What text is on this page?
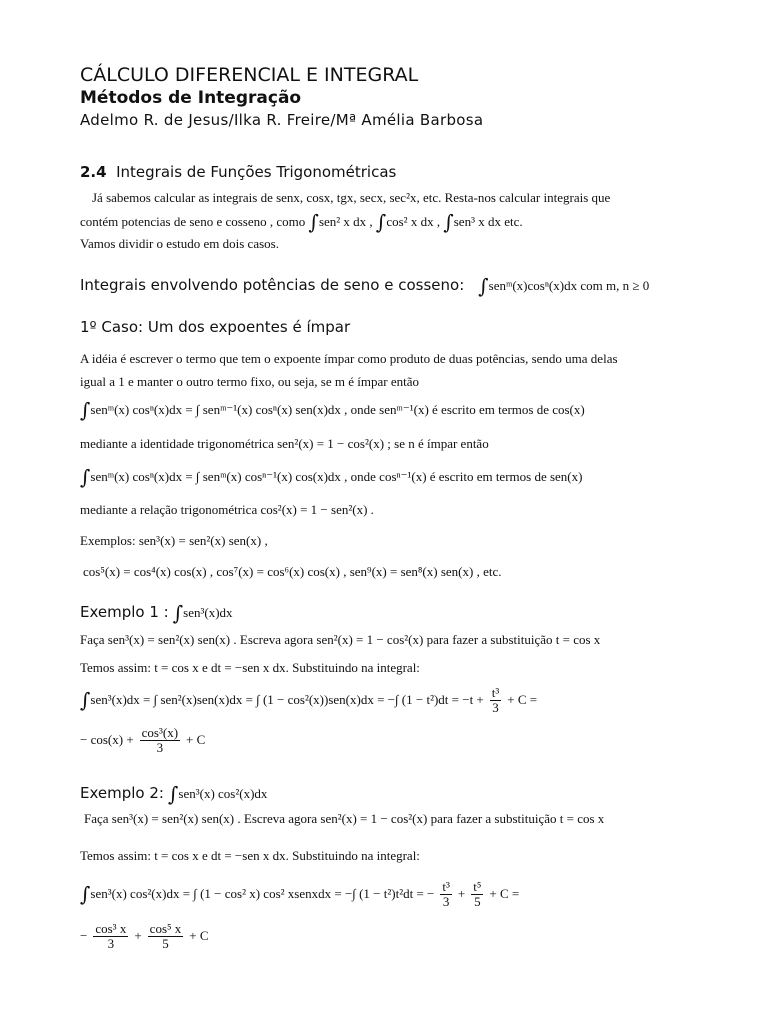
CÁLCULO DIFERENCIAL E INTEGRAL
Métodos de Integração
Adelmo R. de Jesus/Ilka R. Freire/Mª Amélia Barbosa
2.4 Integrais de Funções Trigonométricas
Já sabemos calcular as integrais de senx, cosx, tgx, secx, sec²x, etc. Resta-nos calcular integrais que
contém potencias de seno e cosseno , como ∫sen² x dx , ∫cos² x dx , ∫sen³ x dx etc.
Vamos dividir o estudo em dois casos.
Integrais envolvendo potências de seno e cosseno: ∫senᵐ(x)cosⁿ(x)dx com m, n ≥ 0
1º Caso: Um dos expoentes é ímpar
A idéia é escrever o termo que tem o expoente ímpar como produto de duas potências, sendo uma delas
igual a 1 e manter o outro termo fixo, ou seja, se m é ímpar então
∫senᵐ(x) cosⁿ(x)dx = ∫ senᵐ⁻¹(x) cosⁿ(x) sen(x)dx , onde senᵐ⁻¹(x) é escrito em termos de cos(x)
mediante a identidade trigonométrica sen²(x) = 1 − cos²(x) ; se n é ímpar então
∫senᵐ(x) cosⁿ(x)dx = ∫ senᵐ(x) cosⁿ⁻¹(x) cos(x)dx , onde cosⁿ⁻¹(x) é escrito em termos de sen(x)
mediante a relação trigonométrica cos²(x) = 1 − sen²(x) .
Exemplos: sen³(x) = sen²(x) sen(x) ,
cos⁵(x) = cos⁴(x) cos(x) , cos⁷(x) = cos⁶(x) cos(x) , sen⁹(x) = sen⁸(x) sen(x) , etc.
Exemplo 1 : ∫sen³(x)dx
Faça sen³(x) = sen²(x) sen(x) . Escreva agora sen²(x) = 1 − cos²(x) para fazer a substituição t = cos x
Temos assim: t = cos x e dt = −sen x dx. Substituindo na integral:
∫sen³(x)dx = ∫ sen²(x)sen(x)dx = ∫ (1 − cos²(x))sen(x)dx = −∫ $(1 - t^2)dt = -t + \frac{\text{t³}}{3} + C$ =
− $\cos(x) + \frac{\text{cos³(x)}}{3} + C$
Exemplo 2: ∫sen³(x) cos²(x)dx
Faça sen³(x) = sen²(x) sen(x) . Escreva agora sen²(x) = 1 − cos²(x) para fazer a substituição t = cos x
Temos assim: t = cos x e dt = −sen x dx. Substituindo na integral:
∫sen³(x) cos²(x)dx = ∫ (1 − cos² x) cos² xsenxdx = −∫ (1 − t²)t²dt = − $\frac{\text{t³}}{3} + \frac{\text{t⁵}}{5} + C$ =
− $\frac{\text{cos³ x}}{3} + \frac{\text{cos⁵ x}}{5} + C$
